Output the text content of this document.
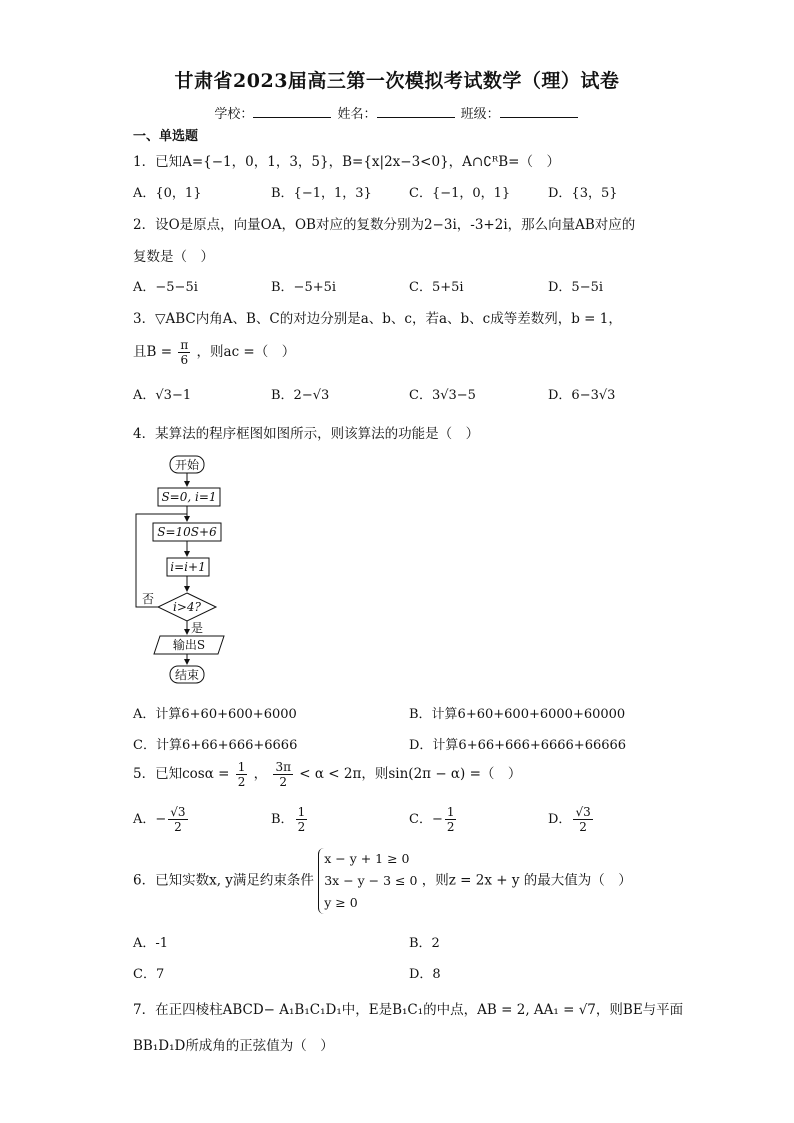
甘肃省2023届高三第一次模拟考试数学（理）试卷
学校：	姓名：	班级：
一、单选题
1．已知A={−1，0，1，3，5}，B={x|2x−3<0}，A∩∁ᴿB=（　）
A．{0，1}	B．{−1，1，3}	C．{−1，0，1}	D．{3，5}
2．设O是原点，向量OA，OB对应的复数分别为2−3i，-3+2i，那么向量AB对应的
复数是（　）
A．−5−5i	B．−5+5i	C．5+5i	D．5−5i
3．▽ABC内角A、B、C的对边分别是a、b、c，若a、b、c成等差数列，b = 1，
且$B = \frac{\pi}{6}$ ，则ac =（　）
A．√3−1	B．2−√3	C．3√3−5	D．6−3√3
4．某算法的程序框图如图所示，则该算法的功能是（　）
开始
S=0, i=1
S=10S+6
i=i+1
i>4?
否
是
输出S
结束
A．计算6+60+600+6000	B．计算6+60+600+6000+60000
C．计算6+66+666+6666	D．计算6+66+666+6666+66666
5．已知$\cos\alpha = \frac{1}{2}$ ， $\frac{3\pi}{2} < \alpha < 2\pi$，则sin(2π − α) =（　）
A．− $\frac{√3}{2}$	B． $\frac{1}{2}$	C．− $\frac{1}{2}$	D． $\frac{√3}{2}$
6．已知实数x, y满足约束条件
x − y + 1 ≥ 0
3x − y − 3 ≤ 0
y ≥ 0
，则z = 2x + y 的最大值为（　）
A．-1	B．2
C．7	D．8
7．在正四棱柱ABCD− A₁B₁C₁D₁中，E是B₁C₁的中点，AB = 2, AA₁ = √7，则BE与平面
BB₁D₁D所成角的正弦值为（　）
